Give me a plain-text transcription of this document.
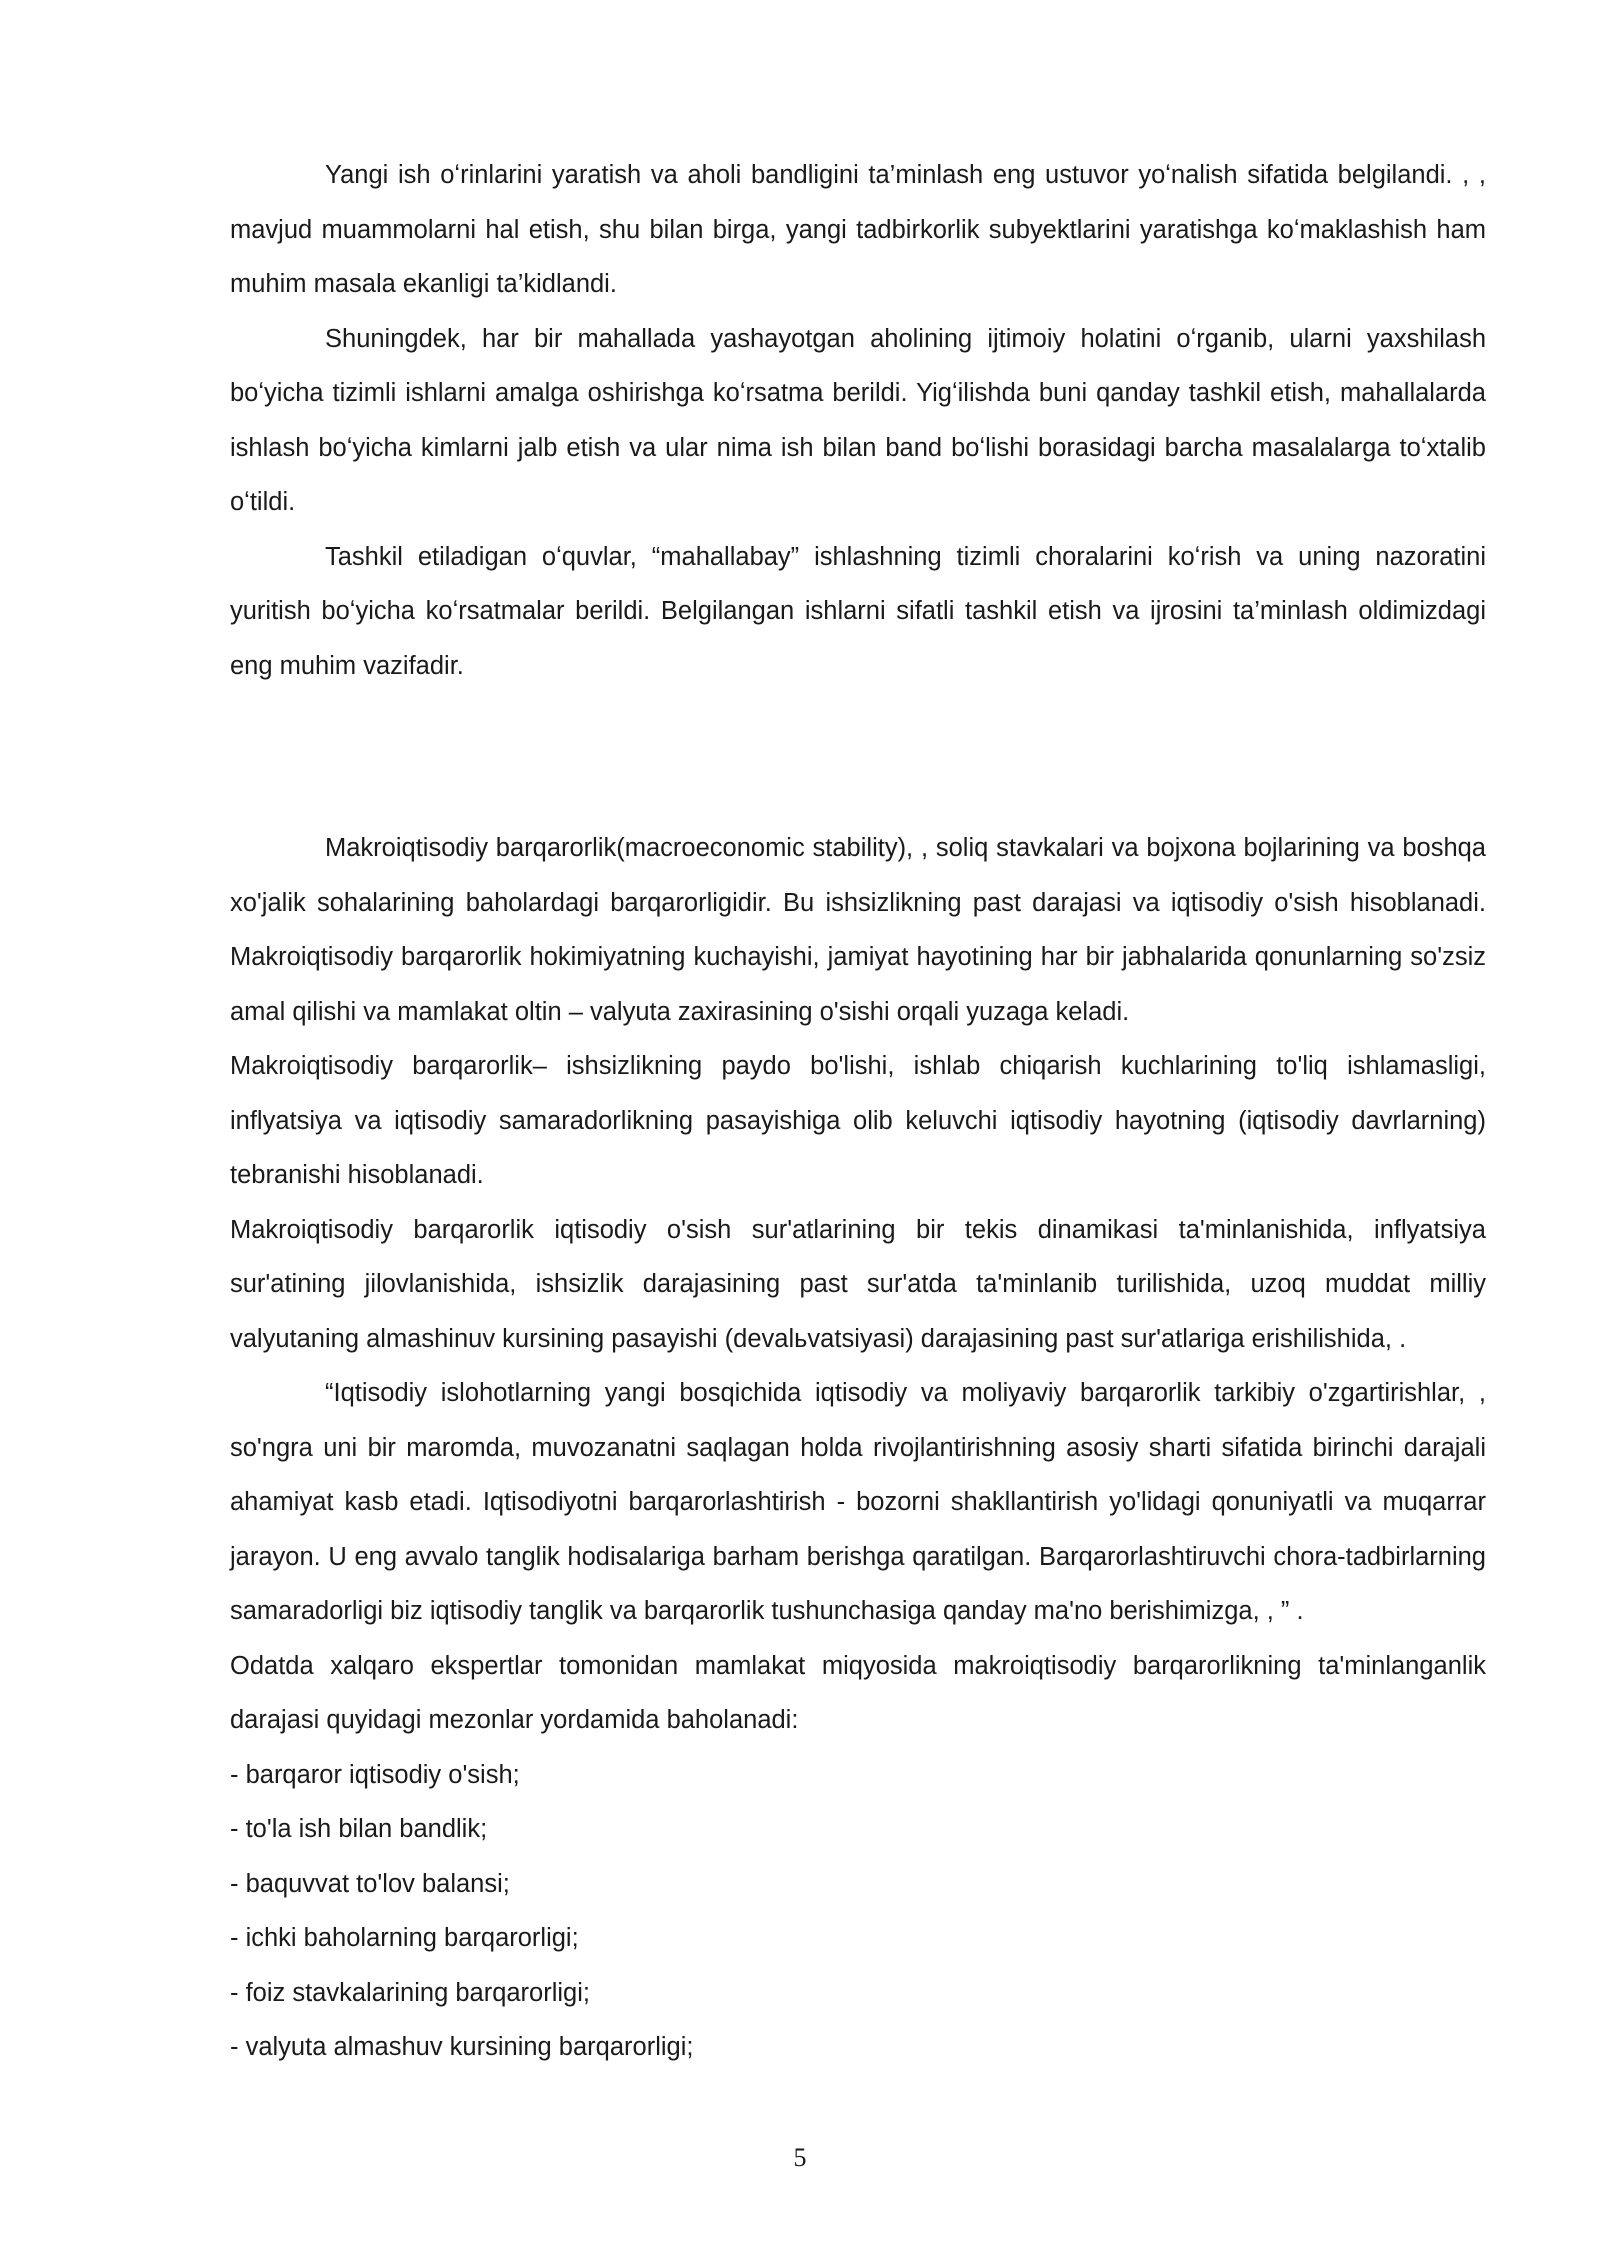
Yangi ish oʻrinlarini yaratish va aholi bandligini ta’minlash eng ustuvor yoʻnalish sifatida belgilandi. , , mavjud muammolarni hal etish, shu bilan birga, yangi tadbirkorlik subyektlarini yaratishga koʻmaklashish ham muhim masala ekanligi ta’kidlandi.

Shuningdek, har bir mahallada yashayotgan aholining ijtimoiy holatini oʻrganib, ularni yaxshilash boʻyicha tizimli ishlarni amalga oshirishga koʻrsatma berildi. Yigʻilishda buni qanday tashkil etish, mahallalarda ishlash boʻyicha kimlarni jalb etish va ular nima ish bilan band boʻlishi borasidagi barcha masalalarga toʻxtalib oʻtildi.

Tashkil etiladigan oʻquvlar, “mahallabay” ishlashning tizimli choralarini koʻrish va uning nazoratini yuritish boʻyicha koʻrsatmalar berildi. Belgilangan ishlarni sifatli tashkil etish va ijrosini ta’minlash oldimizdagi eng muhim vazifadir.

Makroiqtisodiy barqarorlik(macroeconomic stability), , soliq stavkalari va bojxona bojlarining va boshqa xo'jalik sohalarining baholardagi barqarorligidir. Bu ishsizlikning past darajasi va iqtisodiy o'sish hisoblanadi. Makroiqtisodiy barqarorlik hokimiyatning kuchayishi, jamiyat hayotining har bir jabhalarida qonunlarning so'zsiz amal qilishi va mamlakat oltin – valyuta zaxirasining o'sishi orqali yuzaga keladi.

Makroiqtisodiy barqarorlik– ishsizlikning paydo bo'lishi, ishlab chiqarish kuchlarining to'liq ishlamasligi, inflyatsiya va iqtisodiy samaradorlikning pasayishiga olib keluvchi iqtisodiy hayotning (iqtisodiy davrlarning) tebranishi hisoblanadi.

Makroiqtisodiy barqarorlik iqtisodiy o'sish sur'atlarining bir tekis dinamikasi ta'minlanishida, inflyatsiya sur'atining jilovlanishida, ishsizlik darajasining past sur'atda ta'minlanib turilishida, uzoq muddat milliy valyutaning almashinuv kursining pasayishi (devalьvatsiyasi) darajasining past sur'atlariga erishilishida, .

“Iqtisodiy islohotlarning yangi bosqichida iqtisodiy va moliyaviy barqarorlik tarkibiy o'zgartirishlar, , so'ngra uni bir maromda, muvozanatni saqlagan holda rivojlantirishning asosiy sharti sifatida birinchi darajali ahamiyat kasb etadi. Iqtisodiyotni barqarorlashtirish - bozorni shakllantirish yo'lidagi qonuniyatli va muqarrar jarayon. U eng avvalo tanglik hodisalariga barham berishga qaratilgan. Barqarorlashtiruvchi chora-tadbirlarning samaradorligi biz iqtisodiy tanglik va barqarorlik tushunchasiga qanday ma'no berishimizga, , ” .

Odatda xalqaro ekspertlar tomonidan mamlakat miqyosida makroiqtisodiy barqarorlikning ta'minlanganlik darajasi quyidagi mezonlar yordamida baholanadi:

- barqaror iqtisodiy o'sish;

- to'la ish bilan bandlik;

- baquvvat to'lov balansi;

- ichki baholarning barqarorligi;

- foiz stavkalarining barqarorligi;

- valyuta almashuv kursining barqarorligi;

5
